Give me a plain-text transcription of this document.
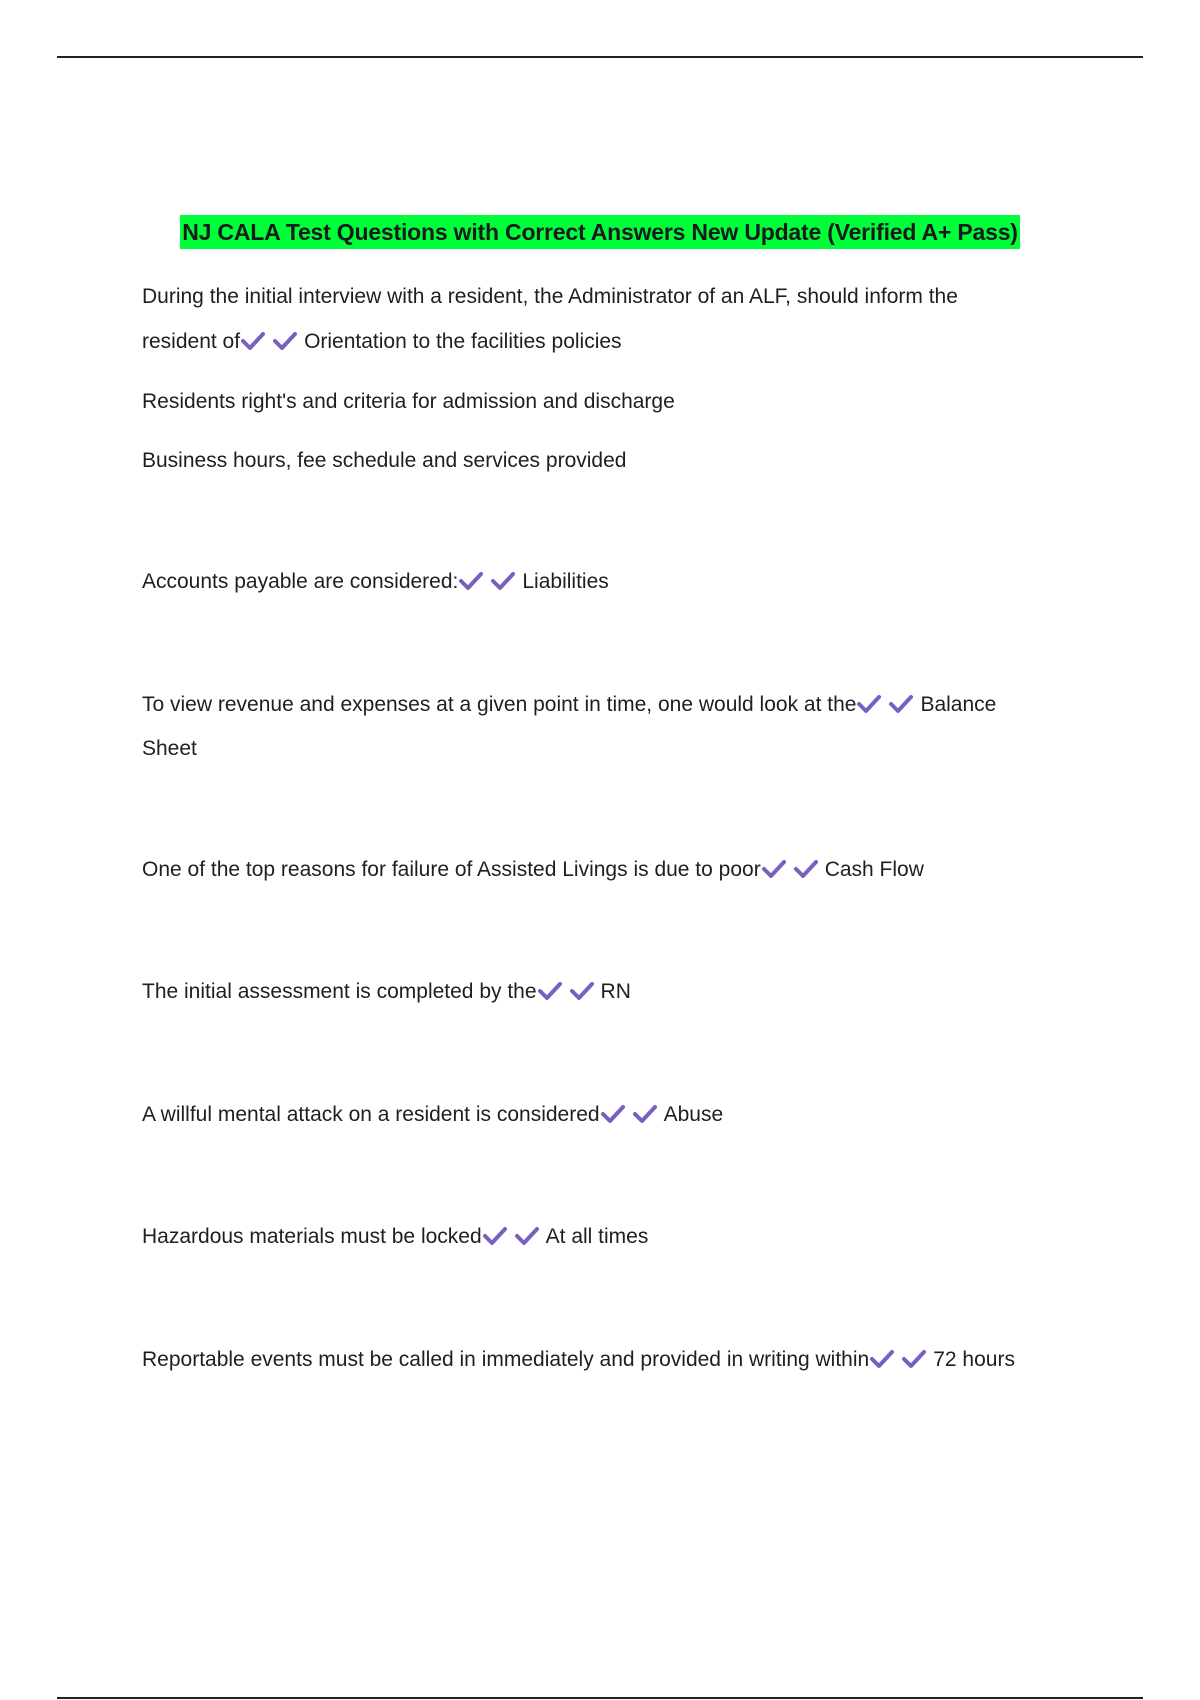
NJ CALA Test Questions with Correct Answers New Update (Verified A+ Pass)
During the initial interview with a resident, the Administrator of an ALF, should inform the
resident of	Orientation to the facilities policies
Residents right's and criteria for admission and discharge
Business hours, fee schedule and services provided
Accounts payable are considered:	Liabilities
To view revenue and expenses at a given point in time, one would look at the	Balance
Sheet
One of the top reasons for failure of Assisted Livings is due to poor	Cash Flow
The initial assessment is completed by the	RN
A willful mental attack on a resident is considered	Abuse
Hazardous materials must be locked	At all times
Reportable events must be called in immediately and provided in writing within	72 hours
